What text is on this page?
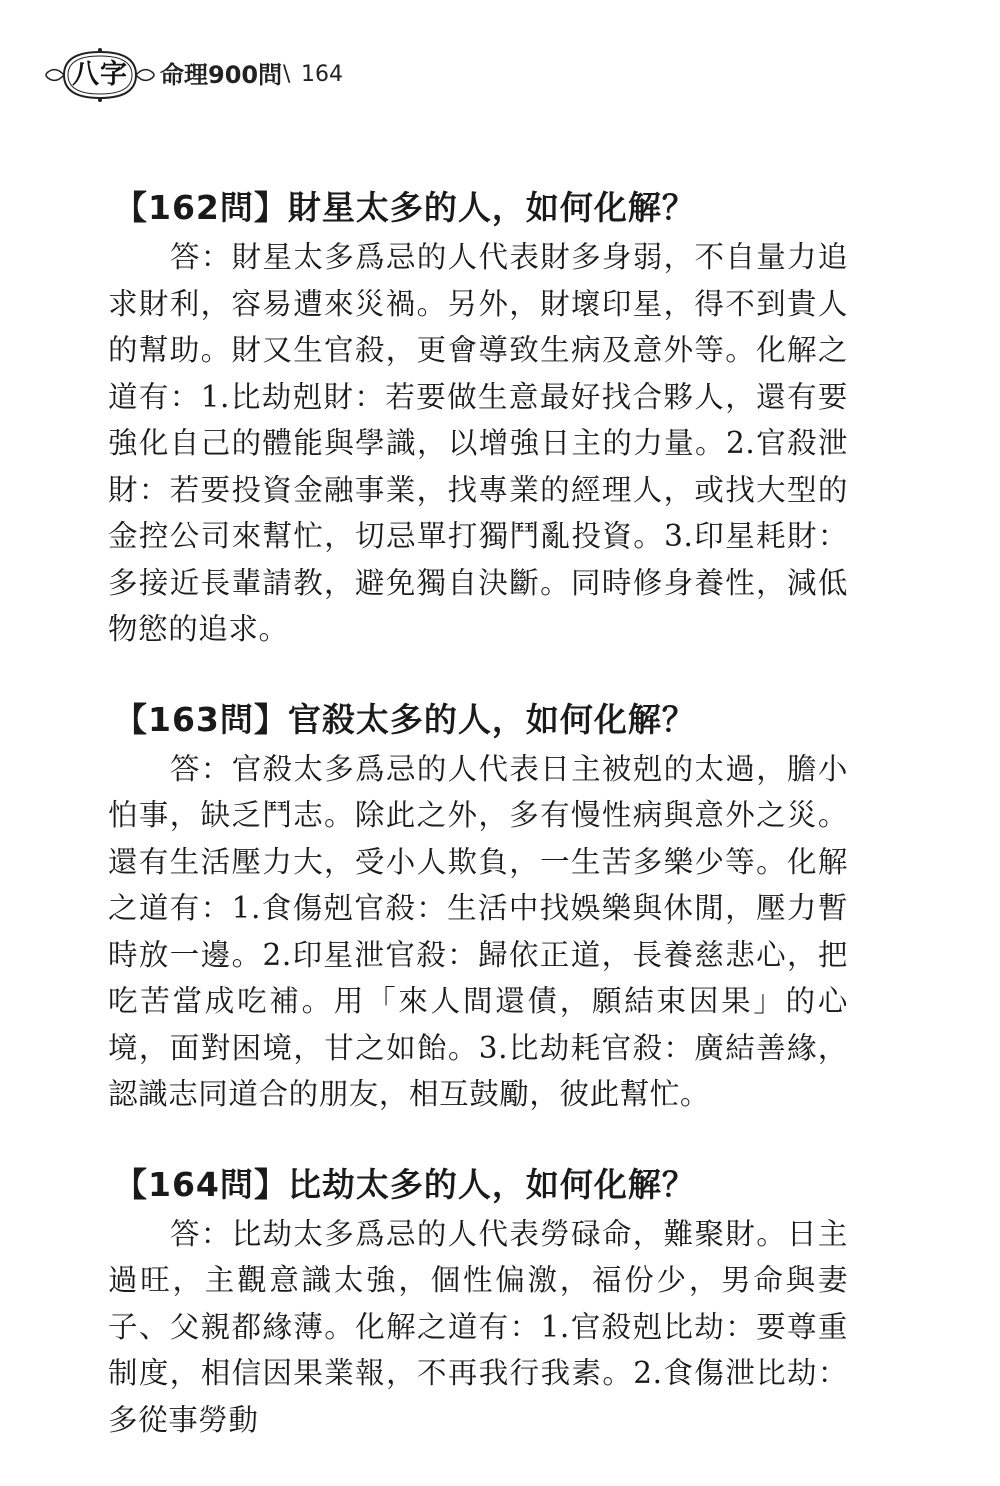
八字	命理900問 \ 164
【162問】財星太多的人，如何化解？
答：財星太多爲忌的人代表財多身弱，不自量力追求財利，容易遭來災禍。另外，財壞印星，得不到貴人的幫助。財又生官殺，更會導致生病及意外等。化解之道有：1.比劫剋財：若要做生意最好找合夥人，還有要強化自己的體能與學識，以增強日主的力量。2.官殺泄財：若要投資金融事業，找專業的經理人，或找大型的金控公司來幫忙，切忌單打獨鬥亂投資。3.印星耗財：多接近長輩請教，避免獨自決斷。同時修身養性，減低物慾的追求。
【163問】官殺太多的人，如何化解？
答：官殺太多爲忌的人代表日主被剋的太過，膽小怕事，缺乏鬥志。除此之外，多有慢性病與意外之災。還有生活壓力大，受小人欺負，一生苦多樂少等。化解之道有：1.食傷剋官殺：生活中找娛樂與休閒，壓力暫時放一邊。2.印星泄官殺：歸依正道，長養慈悲心，把吃苦當成吃補。用「來人間還債，願結束因果」的心境，面對困境，甘之如飴。3.比劫耗官殺：廣結善緣，認識志同道合的朋友，相互鼓勵，彼此幫忙。
【164問】比劫太多的人，如何化解？
答：比劫太多爲忌的人代表勞碌命，難聚財。日主過旺，主觀意識太強，個性偏激，福份少，男命與妻子、父親都緣薄。化解之道有：1.官殺剋比劫：要尊重制度，相信因果業報，不再我行我素。2.食傷泄比劫：多從事勞動
